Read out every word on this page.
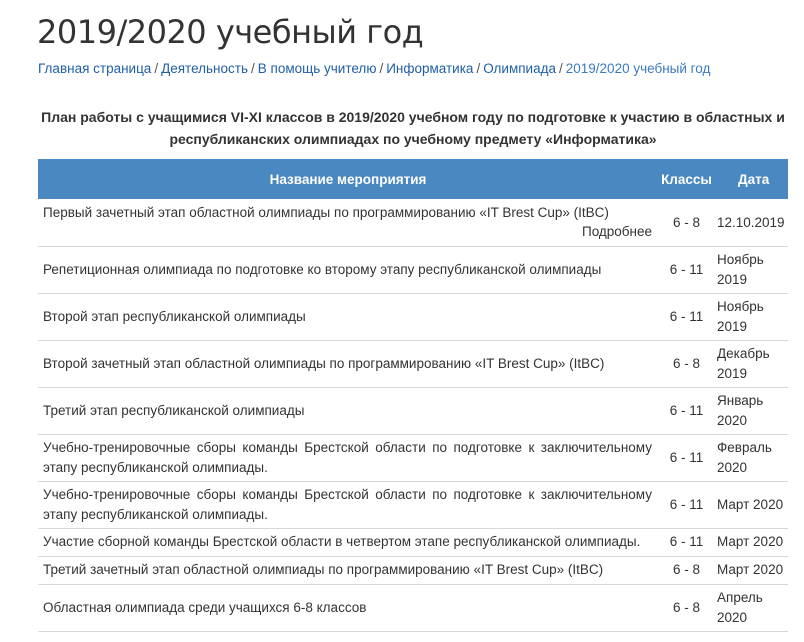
2019/2020 учебный год
Главная страница / Деятельность / В помощь учителю / Информатика / Олимпиада / 2019/2020 учебный год
План работы с учащимися VI-XI классов в 2019/2020 учебном году по подготовке к участию в областных и
республиканских олимпиадах по учебному предмету «Информатика»
Название мероприятия	Классы	Дата
Первый зачетный этап областной олимпиады по программированию «IT Brest Cup» (ItBC)
Подробнее	6 - 8	12.10.2019
Репетиционная олимпиада по подготовке ко второму этапу республиканской олимпиады	6 - 11	Ноябрь 2019
Второй этап республиканской олимпиады	6 - 11	Ноябрь 2019
Второй зачетный этап областной олимпиады по программированию «IT Brest Cup» (ItBC)	6 - 8	Декабрь 2019
Третий этап республиканской олимпиады	6 - 11	Январь 2020
Учебно-тренировочные сборы команды Брестской области по подготовке к заключительному этапу республиканской олимпиады.	6 - 11	Февраль 2020
Учебно-тренировочные сборы команды Брестской области по подготовке к заключительному этапу республиканской олимпиады.	6 - 11	Март 2020
Участие сборной команды Брестской области в четвертом этапе республиканской олимпиады.	6 - 11	Март 2020
Третий зачетный этап областной олимпиады по программированию «IT Brest Cup» (ItBC)	6 - 8	Март 2020
Областная олимпиада среди учащихся 6-8 классов	6 - 8	Апрель 2020
